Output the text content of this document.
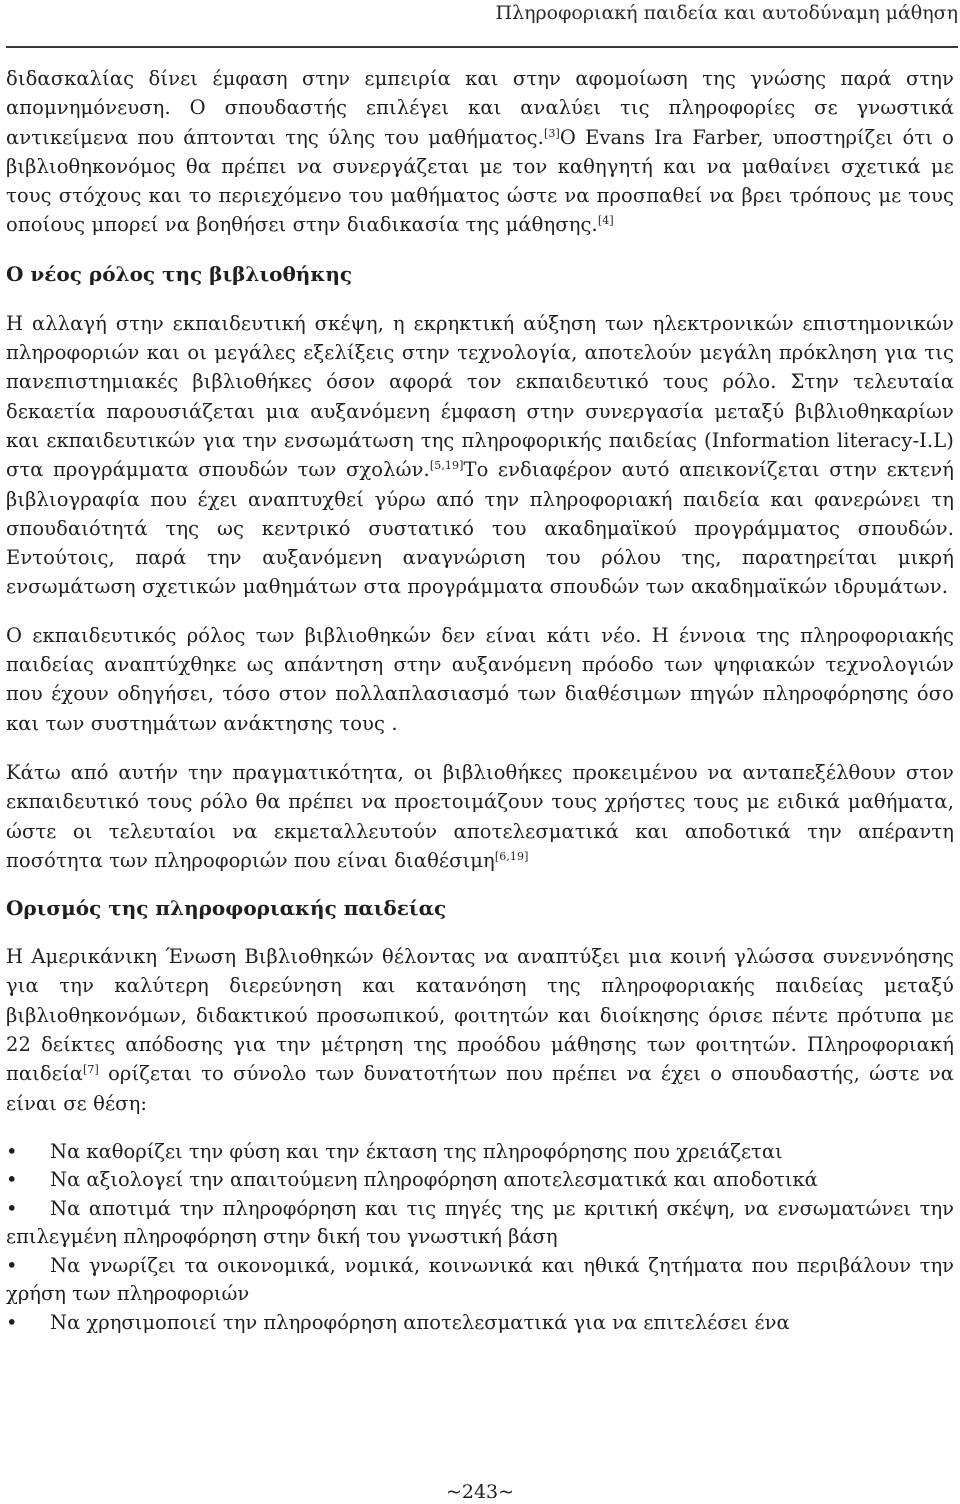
Πληροφοριακή παιδεία και αυτοδύναμη μάθηση

διδασκαλίας δίνει έμφαση στην εμπειρία και στην αφομοίωση της γνώσης παρά στην απομνημόνευση. Ο σπουδαστής επιλέγει και αναλύει τις πληροφορίες σε γνωστικά αντικείμενα που άπτονται της ύλης του μαθήματος.[3]Ο Evans Ira Farber, υποστηρίζει ότι ο βιβλιοθηκονόμος θα πρέπει να συνεργάζεται με τον καθηγητή και να μαθαίνει σχετικά με τους στόχους και το περιεχόμενο του μαθήματος ώστε να προσπαθεί να βρει τρόπους με τους οποίους μπορεί να βοηθήσει στην διαδικασία της μάθησης.[4]

Ο νέος ρόλος της βιβλιοθήκης

Η αλλαγή στην εκπαιδευτική σκέψη, η εκρηκτική αύξηση των ηλεκτρονικών επιστημονικών πληροφοριών και οι μεγάλες εξελίξεις στην τεχνολογία, αποτελούν μεγάλη πρόκληση για τις πανεπιστημιακές βιβλιοθήκες όσον αφορά τον εκπαιδευτικό τους ρόλο. Στην τελευταία δεκαετία παρουσιάζεται μια αυξανόμενη έμφαση στην συνεργασία μεταξύ βιβλιοθηκαρίων και εκπαιδευτικών για την ενσωμάτωση της πληροφορικής παιδείας (Information literacy-I.L) στα προγράμματα σπουδών των σχολών.[5,19]Το ενδιαφέρον αυτό απεικονίζεται στην εκτενή βιβλιογραφία που έχει αναπτυχθεί γύρω από την πληροφοριακή παιδεία και φανερώνει τη σπουδαιότητά της ως κεντρικό συστατικό του ακαδημαϊκού προγράμματος σπουδών. Εντούτοις, παρά την αυξανόμενη αναγνώριση του ρόλου της, παρατηρείται μικρή ενσωμάτωση σχετικών μαθημάτων στα προγράμματα σπουδών των ακαδημαϊκών ιδρυμάτων.

Ο εκπαιδευτικός ρόλος των βιβλιοθηκών δεν είναι κάτι νέο. Η έννοια της πληροφοριακής παιδείας αναπτύχθηκε ως απάντηση στην αυξανόμενη πρόοδο των ψηφιακών τεχνολογιών που έχουν οδηγήσει, τόσο στον πολλαπλασιασμό των διαθέσιμων πηγών πληροφόρησης όσο και των συστημάτων ανάκτησης τους .

Κάτω από αυτήν την πραγματικότητα, οι βιβλιοθήκες προκειμένου να ανταπεξέλθουν στον εκπαιδευτικό τους ρόλο θα πρέπει να προετοιμάζουν τους χρήστες τους με ειδικά μαθήματα, ώστε οι τελευταίοι να εκμεταλλευτούν αποτελεσματικά και αποδοτικά την απέραντη ποσότητα των πληροφοριών που είναι διαθέσιμη[6,19]

Ορισμός της πληροφοριακής παιδείας

Η Αμερικάνικη Ένωση Βιβλιοθηκών θέλοντας να αναπτύξει μια κοινή γλώσσα συνεννόησης για την καλύτερη διερεύνηση και κατανόηση της πληροφοριακής παιδείας μεταξύ βιβλιοθηκονόμων, διδακτικού προσωπικού, φοιτητών και διοίκησης όρισε πέντε πρότυπα με 22 δείκτες απόδοσης για την μέτρηση της προόδου μάθησης των φοιτητών. Πληροφοριακή παιδεία[7] ορίζεται το σύνολο των δυνατοτήτων που πρέπει να έχει ο σπουδαστής, ώστε να είναι σε θέση:

•	Να καθορίζει την φύση και την έκταση της πληροφόρησης που χρειάζεται
•	Να αξιολογεί την απαιτούμενη πληροφόρηση αποτελεσματικά και αποδοτικά
•	Να αποτιμά την πληροφόρηση και τις πηγές της με κριτική σκέψη, να ενσωματώνει την επιλεγμένη πληροφόρηση στην δική του γνωστική βάση
•	Να γνωρίζει τα οικονομικά, νομικά, κοινωνικά και ηθικά ζητήματα που περιβάλουν την χρήση των πληροφοριών
•	Να χρησιμοποιεί την πληροφόρηση αποτελεσματικά για να επιτελέσει ένα
~243~
